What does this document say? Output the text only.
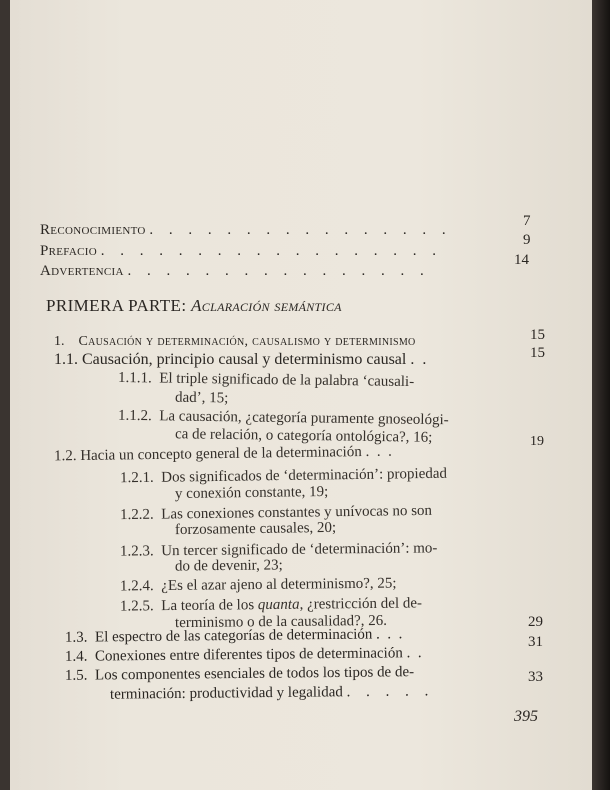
Reconocimiento . . . . . . . . . . . . . . . .
7
Prefacio . . . . . . . . . . . . . . . . . .
9
Advertencia . . . . . . . . . . . . . . . .
14
PRIMERA PARTE: Aclaración semántica
1. Causación y determinación, causalismo y determinismo	15
1.1. Causación, principio causal y determinismo causal .  .	15
1.1.1. El triple significado de la palabra ‘causali-
dad’, 15;
1.1.2. La causación, ¿categoría puramente gnoseológi-
ca de relación, o categoría ontológica?, 16;
1.2. Hacia un concepto general de la determinación .  .  .
19
1.2.1. Dos significados de ‘determinación’: propiedad
y conexión constante, 19;
1.2.2. Las conexiones constantes y unívocas no son
forzosamente causales, 20;
1.2.3. Un tercer significado de ‘determinación’: mo-
do de devenir, 23;
1.2.4. ¿Es el azar ajeno al determinismo?, 25;
1.2.5. La teoría de los quanta, ¿restricción del de-
terminismo o de la causalidad?, 26.
1.3. El espectro de las categorías de determinación .  .  .
29
1.4. Conexiones entre diferentes tipos de determinación .  .
31
1.5. Los componentes esenciales de todos los tipos de de-
terminación: productividad y legalidad . . . . .
33
395
